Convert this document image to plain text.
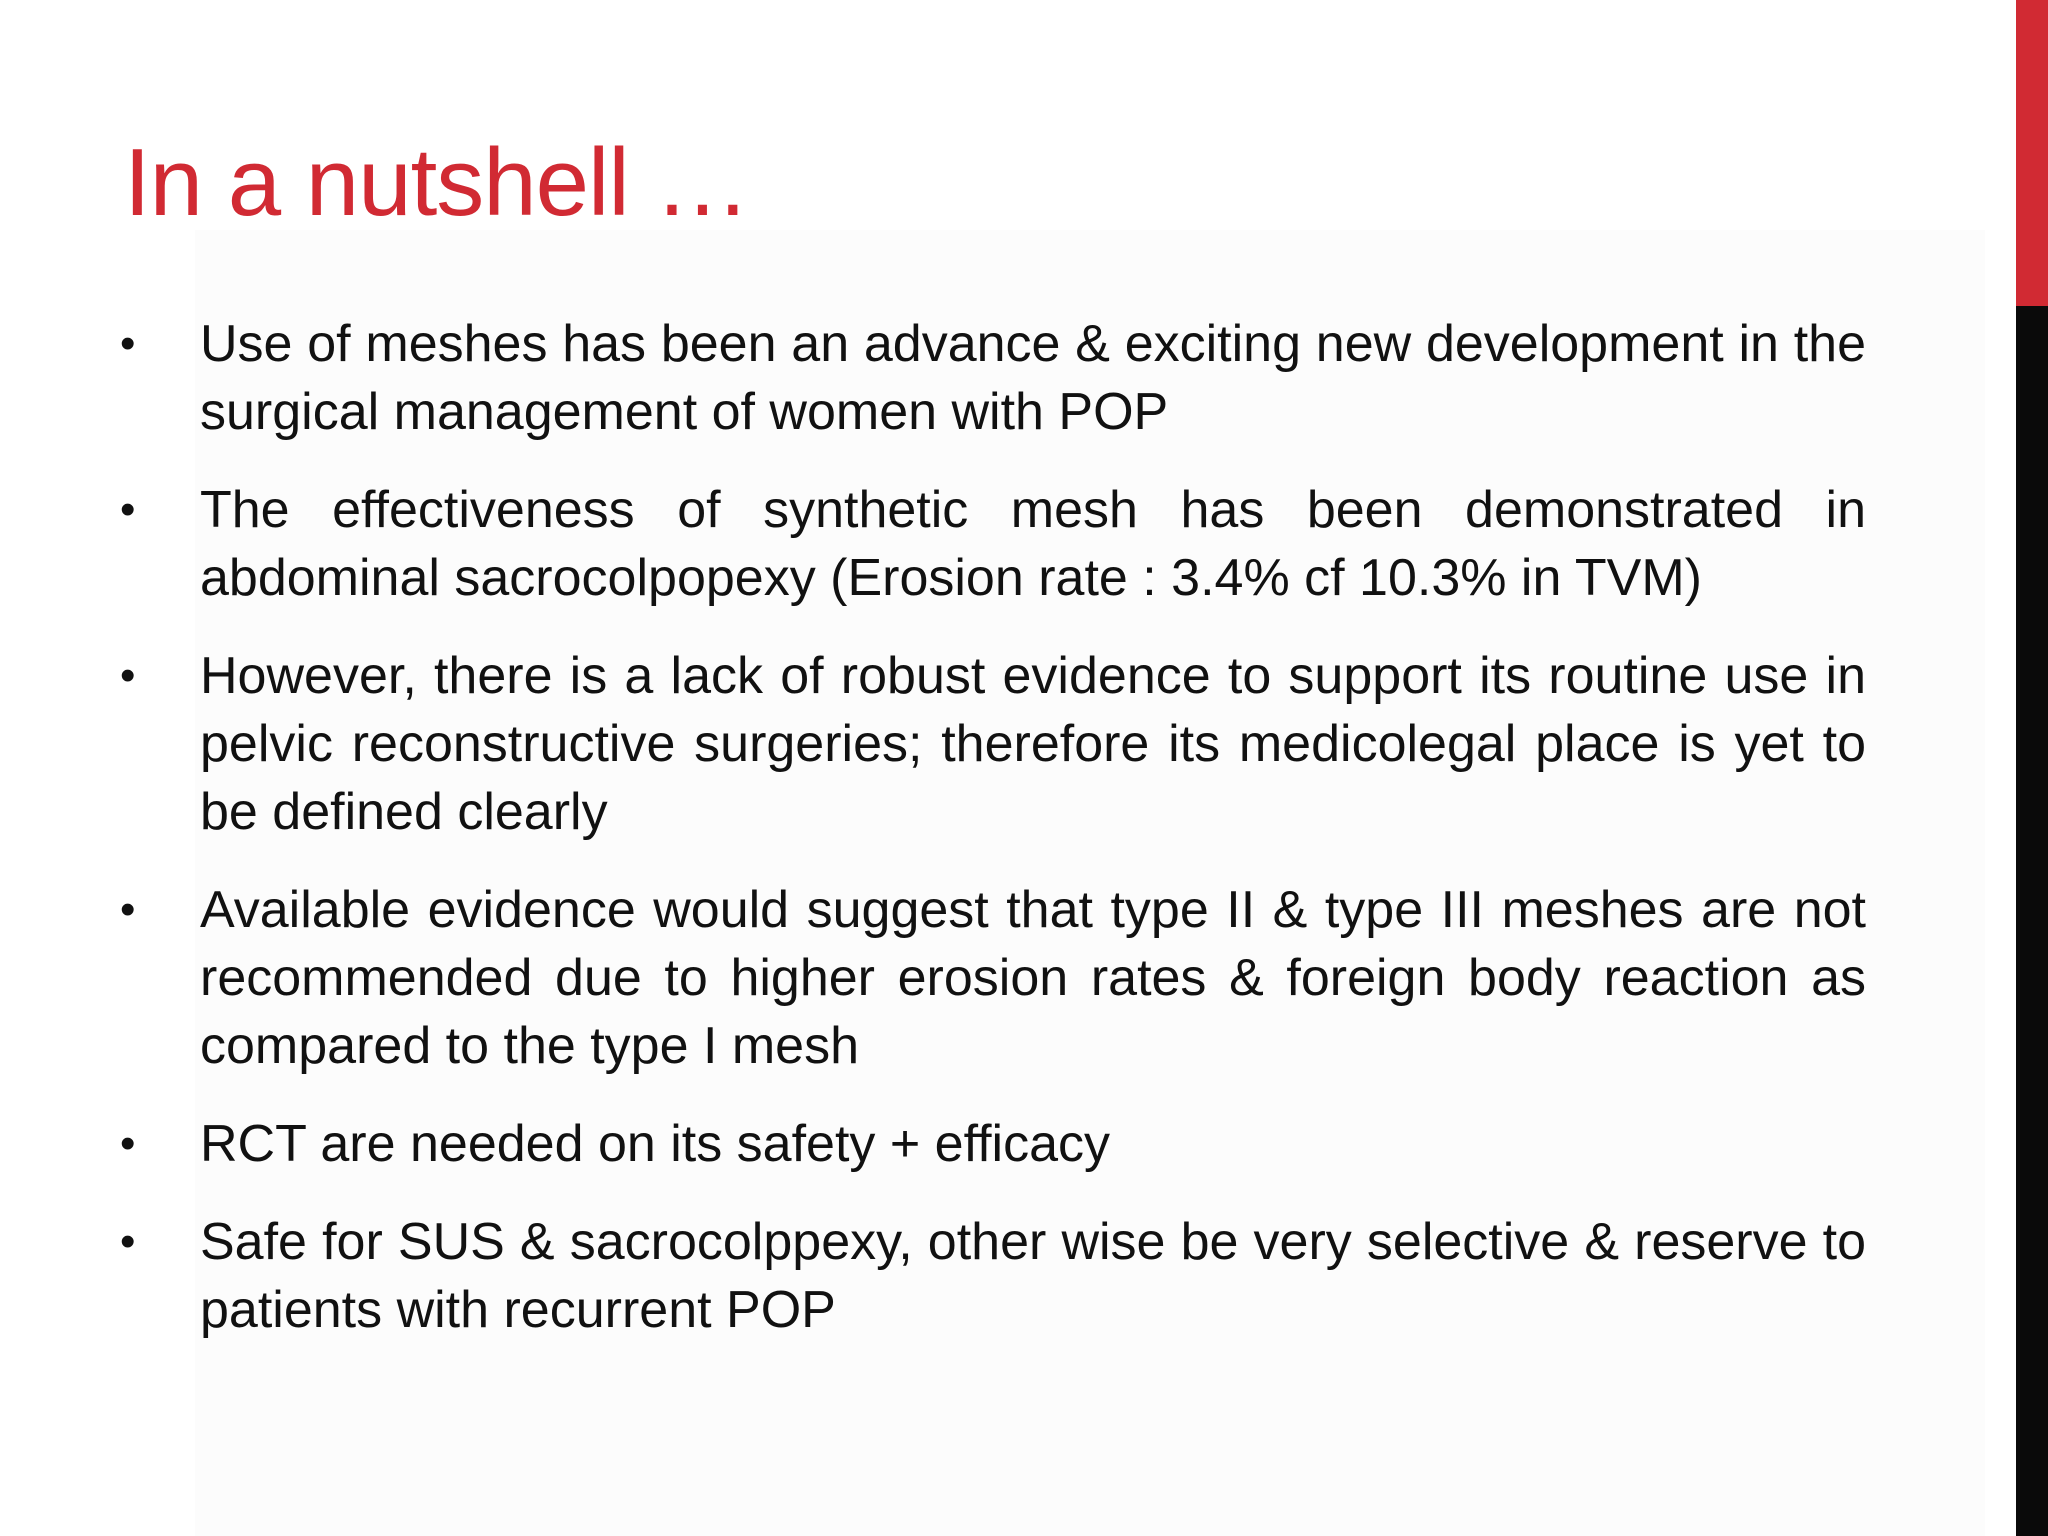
In a nutshell …
• Use of meshes has been an advance & exciting new development in the surgical management of women with POP
• The effectiveness of synthetic mesh has been demonstrated in abdominal sacrocolpopexy (Erosion rate : 3.4% cf 10.3% in TVM)
• However, there is a lack of robust evidence to support its routine use in pelvic reconstructive surgeries; therefore its medicolegal place is yet to be defined clearly
• Available evidence would suggest that type II & type III meshes are not recommended due to higher erosion rates & foreign body reaction as compared to the type I mesh
• RCT are needed on its safety + efficacy
• Safe for SUS & sacrocolppexy, other wise be very selective & reserve to patients with recurrent POP
